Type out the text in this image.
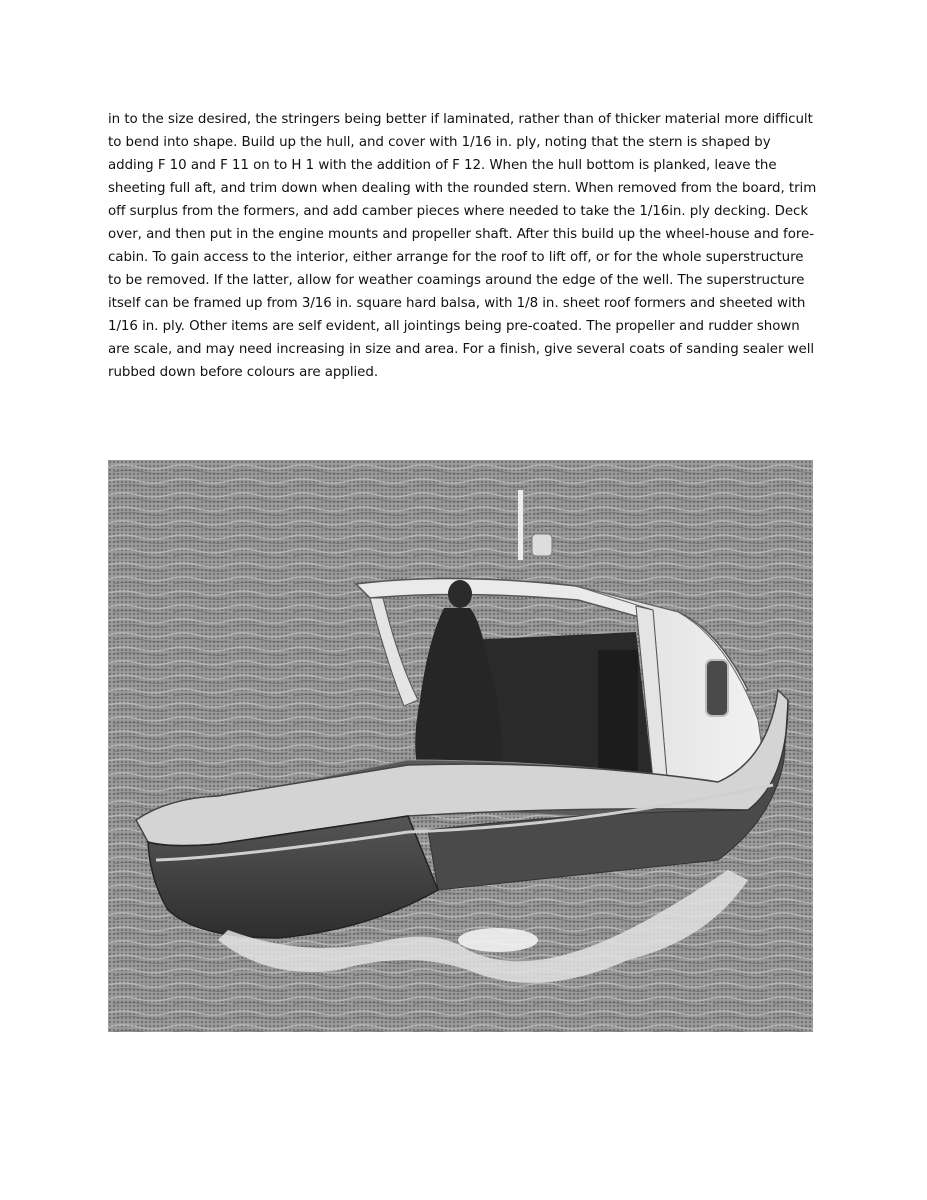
in to the size desired, the stringers being better if laminated, rather than of thicker material more difficult to bend into shape. Build up the hull, and cover with 1/16 in. ply, noting that the stern is shaped by adding F 10 and F 11 on to H 1 with the addition of F 12. When the hull bottom is planked, leave the sheeting full aft, and trim down when dealing with the rounded stern. When removed from the board, trim off surplus from the formers, and add camber pieces where needed to take the 1/16in. ply decking. Deck over, and then put in the engine mounts and propeller shaft. After this build up the wheel-house and fore-cabin. To gain access to the interior, either arrange for the roof to lift off, or for the whole superstructure to be removed. If the latter, allow for weather coamings around the edge of the well. The superstructure itself can be framed up from 3/16 in. square hard balsa, with 1/8 in. sheet roof formers and sheeted with 1/16 in. ply. Other items are self evident, all jointings being pre-coated. The propeller and rudder shown are scale, and may need increasing in size and area. For a finish, give several coats of sanding sealer well rubbed down before colours are applied.
